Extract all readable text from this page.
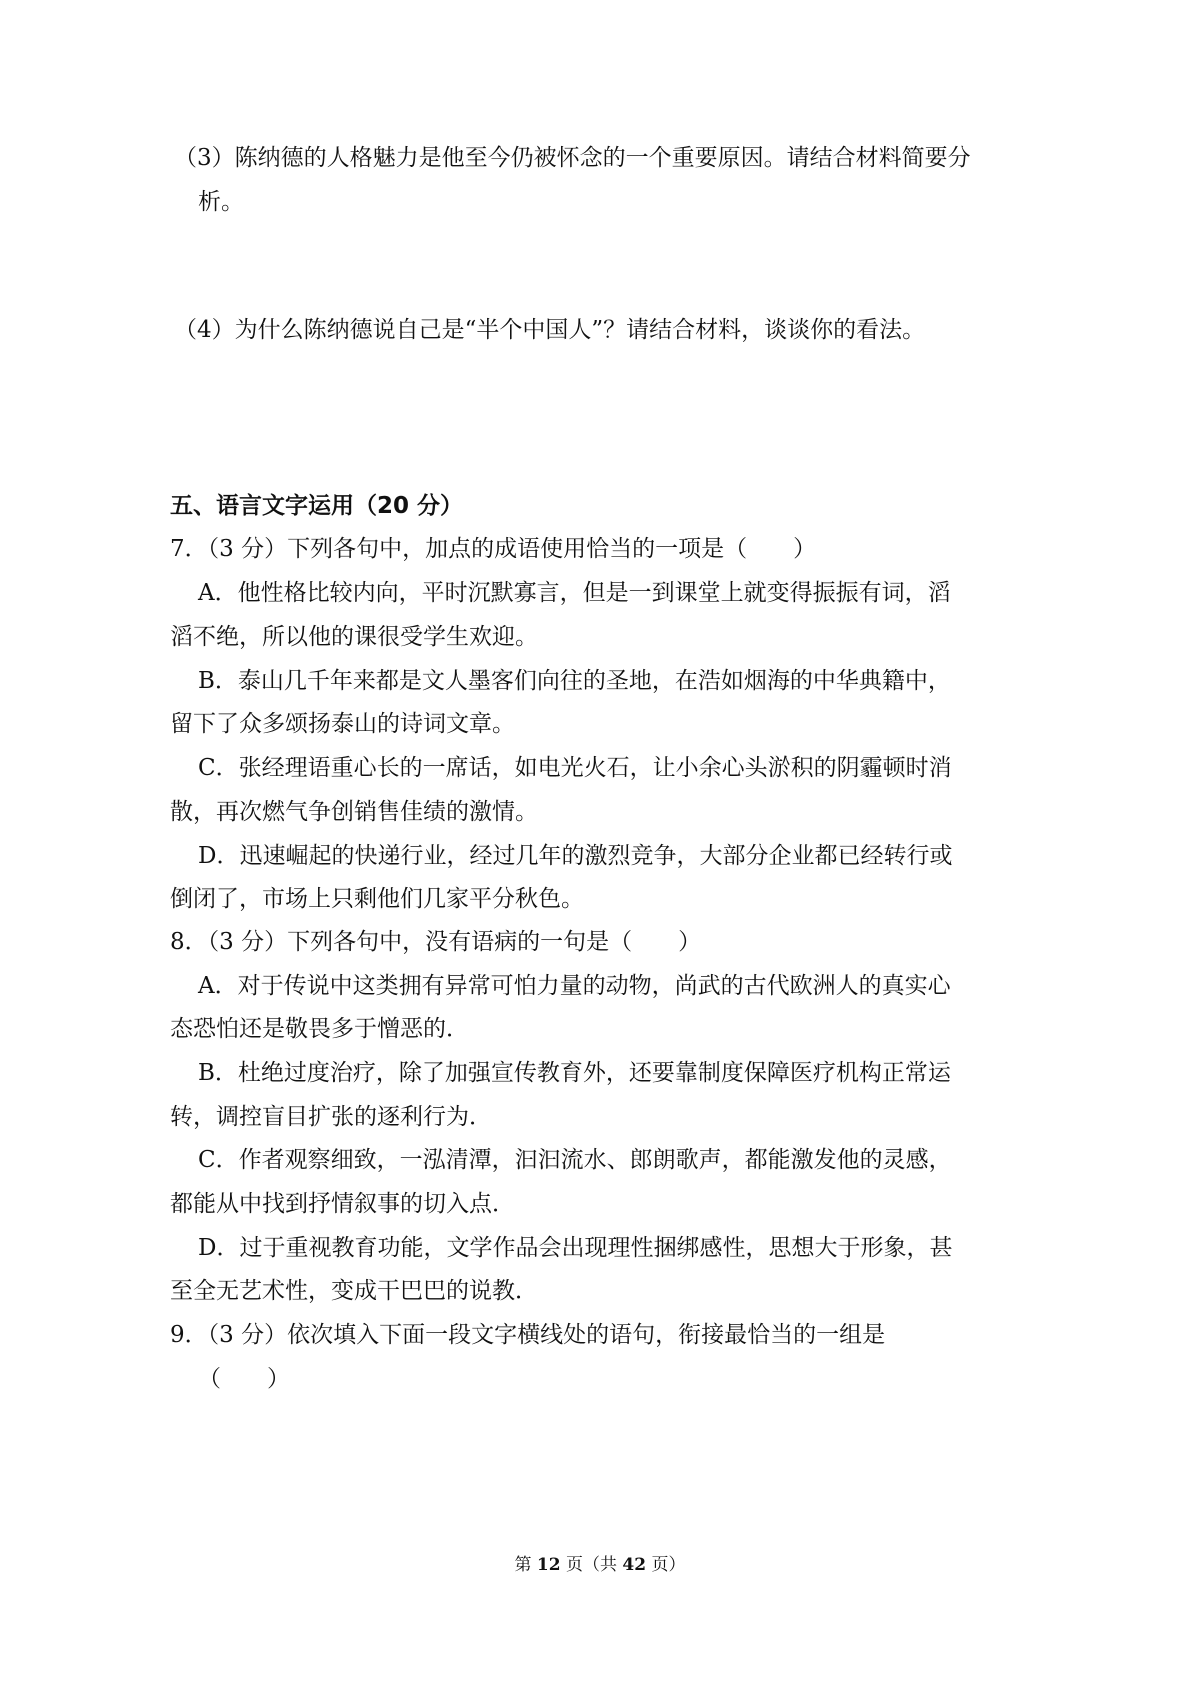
（3）陈纳德的人格魅力是他至今仍被怀念的一个重要原因。请结合材料简要分
析。
（4）为什么陈纳德说自己是“半个中国人”？请结合材料，谈谈你的看法。
五、语言文字运用（20 分）
7．（3 分）下列各句中，加点的成语使用恰当的一项是（　　）
A．他性格比较内向，平时沉默寡言，但是一到课堂上就变得振振有词，滔
滔不绝，所以他的课很受学生欢迎。
B．泰山几千年来都是文人墨客们向往的圣地，在浩如烟海的中华典籍中，
留下了众多颂扬泰山的诗词文章。
C．张经理语重心长的一席话，如电光火石，让小余心头淤积的阴霾顿时消
散，再次燃气争创销售佳绩的激情。
D．迅速崛起的快递行业，经过几年的激烈竞争，大部分企业都已经转行或
倒闭了，市场上只剩他们几家平分秋色。
8．（3 分）下列各句中，没有语病的一句是（　　）
A．对于传说中这类拥有异常可怕力量的动物，尚武的古代欧洲人的真实心
态恐怕还是敬畏多于憎恶的．
B．杜绝过度治疗，除了加强宣传教育外，还要靠制度保障医疗机构正常运
转，调控盲目扩张的逐利行为．
C．作者观察细致，一泓清潭，汩汩流水、郎朗歌声，都能激发他的灵感，
都能从中找到抒情叙事的切入点．
D．过于重视教育功能，文学作品会出现理性捆绑感性，思想大于形象，甚
至全无艺术性，变成干巴巴的说教．
9．（3 分）依次填入下面一段文字横线处的语句，衔接最恰当的一组是
（　　）
第 12 页（共 42 页）
